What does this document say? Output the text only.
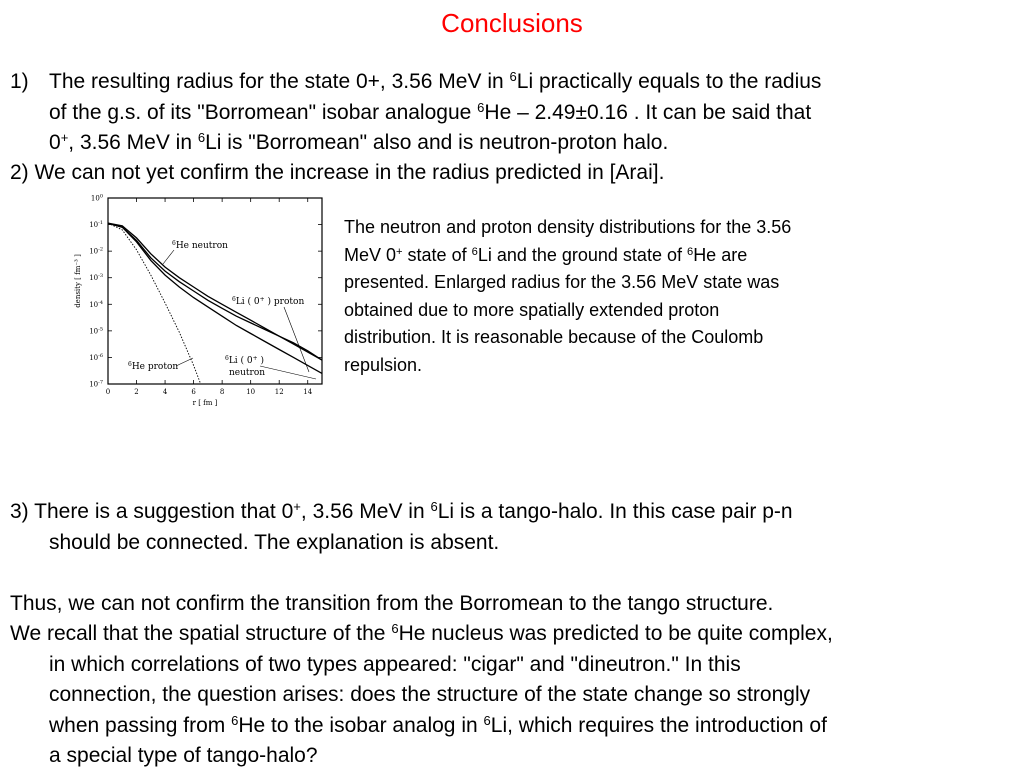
Conclusions
1) The resulting radius for the state 0+, 3.56 MeV in $^6$Li practically equals to the radius
of the g.s. of its "Borromean" isobar analogue $^6$He – 2.49±0.16 . It can be said that
0+, 3.56 MeV in $^6$Li is "Borromean" also and is neutron-proton halo.
2) We can not yet confirm the increase in the radius predicted in [Arai].
0	2	4	6	8	10	12	14
$10^0$
$10^{-1}$
$10^{-2}$
$10^{-3}$
$10^{-4}$
$10^{-5}$
$10^{-6}$
$10^{-7}$
r [ fm ]
density [ fm⁻³ ]
$^6$He neutron
$^6$Li ( 0+ ) proton
$^6$Li ( 0+ )
neutron
$^6$He proton
The neutron and proton density distributions for the 3.56
MeV 0+ state of $^6$Li and the ground state of $^6$He are
presented. Enlarged radius for the 3.56 MeV state was
obtained due to more spatially extended proton
distribution. It is reasonable because of the Coulomb
repulsion.
3) There is a suggestion that 0+, 3.56 MeV in $^6$Li is a tango-halo. In this case pair p-n
should be connected. The explanation is absent.
Thus, we can not confirm the transition from the Borromean to the tango structure.
We recall that the spatial structure of the $^6$He nucleus was predicted to be quite complex,
in which correlations of two types appeared: "cigar" and "dineutron." In this
connection, the question arises: does the structure of the state change so strongly
when passing from $^6$He to the isobar analog in $^6$Li, which requires the introduction of
a special type of tango-halo?
